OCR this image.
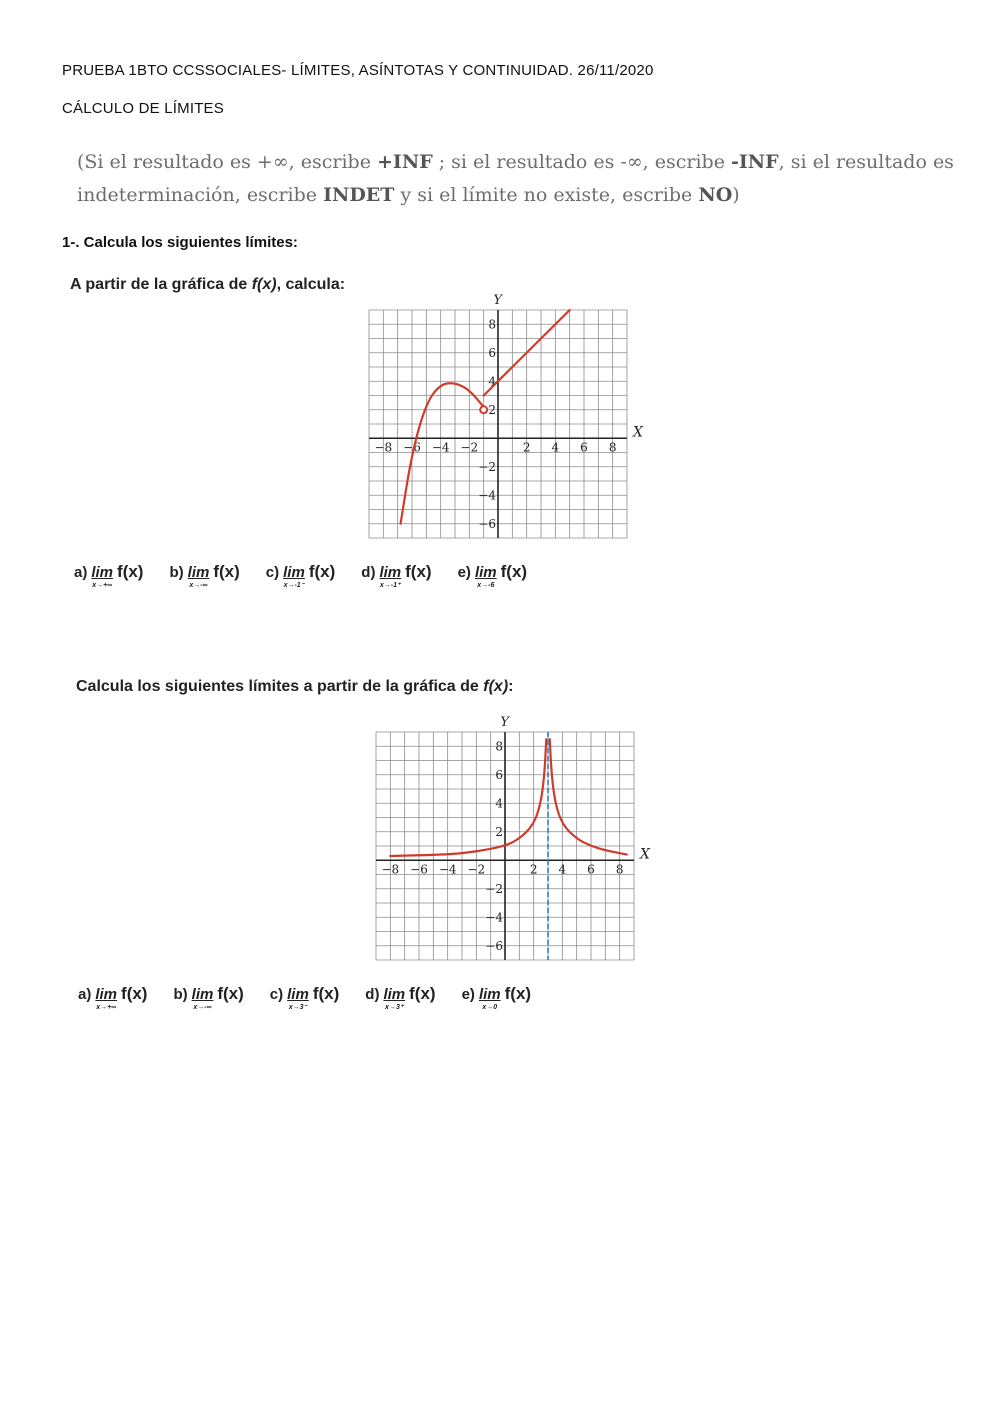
PRUEBA 1BTO CCSSOCIALES- LÍMITES, ASÍNTOTAS Y CONTINUIDAD. 26/11/2020
CÁLCULO DE LÍMITES
(Si el resultado es +∞, escribe +INF ; si el resultado es -∞, escribe -INF, si el resultado es indeterminación, escribe INDET y si el límite no existe, escribe NO)
1-. Calcula los siguientes límites:
A partir de la gráfica de f(x), calcula:
−8 −6 −4 −2	2 4 6 8
8
6
4
2
−2
−4
−6
X
Y
a) lim
x→+∞
f(x) b) lim
x→-∞
f(x) c) lim
x→-1⁻
f(x) d) lim
x→-1⁺
f(x) e) lim
x→-6
f(x)
Calcula los siguientes límites a partir de la gráfica de f(x):
−8 −6 −4 −2	2 4 6 8
8
6
4
2
−2
−4
−6
X
Y
a) lim
x→+∞
f(x) b) lim
x→-∞
f(x) c) lim
x→3⁻
f(x) d) lim
x→3⁺
f(x) e) lim
x→0
f(x)
